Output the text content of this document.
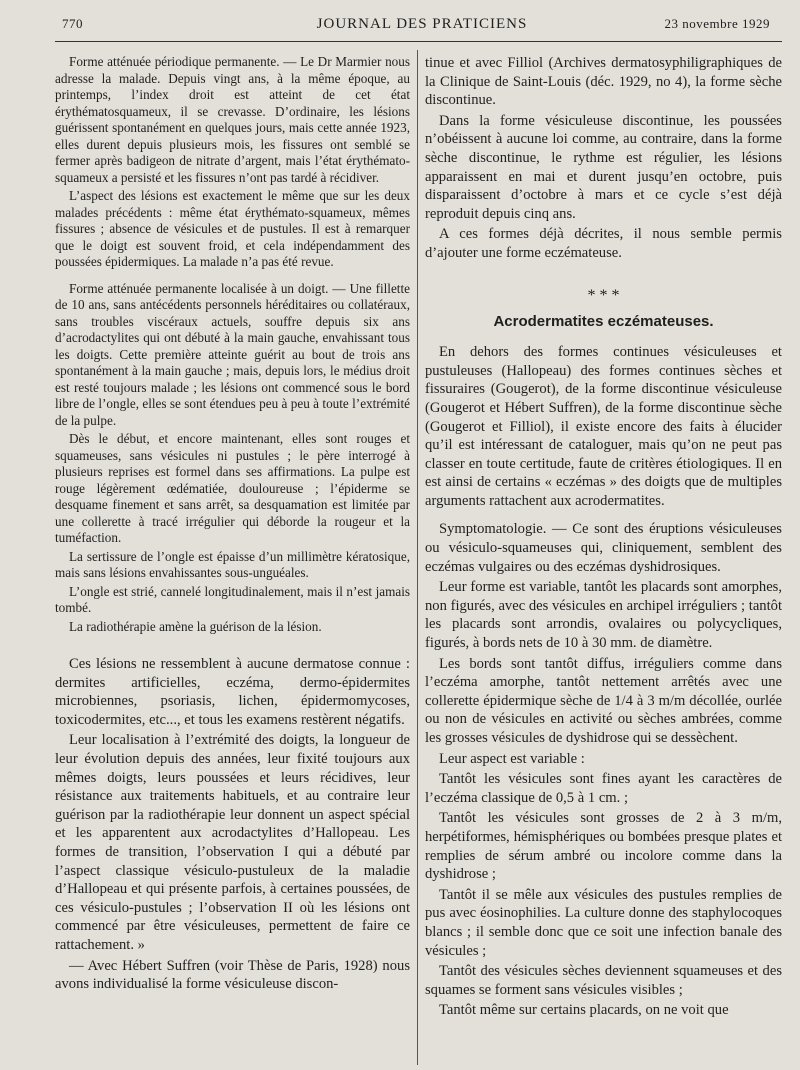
770	JOURNAL DES PRATICIENS	23 novembre 1929

Forme atténuée périodique permanente. — Le Dr Marmier nous adresse la malade. Depuis vingt ans, à la même époque, au printemps, l’index droit est atteint de cet état érythématosquameux, il se crevasse. D’ordinaire, les lésions guérissent spontanément en quelques jours, mais cette année 1923, elles durent depuis plusieurs mois, les fissures ont semblé se fermer après badigeon de nitrate d’argent, mais l’état érythémato-squameux a persisté et les fissures n’ont pas tardé à récidiver.

L’aspect des lésions est exactement le même que sur les deux malades précédents : même état érythémato-squameux, mêmes fissures ; absence de vésicules et de pustules. Il est à remarquer que le doigt est souvent froid, et cela indépendamment des poussées épidermiques. La malade n’a pas été revue.

Forme atténuée permanente localisée à un doigt. — Une fillette de 10 ans, sans antécédents personnels héréditaires ou collatéraux, sans troubles viscéraux actuels, souffre depuis six ans d’acrodactylites qui ont débuté à la main gauche, envahissant tous les doigts. Cette première atteinte guérit au bout de trois ans spontanément à la main gauche ; mais, depuis lors, le médius droit est resté toujours malade ; les lésions ont commencé sous le bord libre de l’ongle, elles se sont étendues peu à peu à toute l’extrémité de la pulpe.

Dès le début, et encore maintenant, elles sont rouges et squameuses, sans vésicules ni pustules ; le père interrogé à plusieurs reprises est formel dans ses affirmations. La pulpe est rouge légèrement œdématiée, douloureuse ; l’épiderme se desquame finement et sans arrêt, sa desquamation est limitée par une collerette à tracé irrégulier qui déborde la rougeur et la tuméfaction.

La sertissure de l’ongle est épaisse d’un millimètre kératosique, mais sans lésions envahissantes sous-unguéales.

L’ongle est strié, cannelé longitudinalement, mais il n’est jamais tombé.

La radiothérapie amène la guérison de la lésion.

Ces lésions ne ressemblent à aucune dermatose connue : dermites artificielles, eczéma, dermo-épidermites microbiennes, psoriasis, lichen, épidermomycoses, toxicodermites, etc..., et tous les examens restèrent négatifs.

Leur localisation à l’extrémité des doigts, la longueur de leur évolution depuis des années, leur fixité toujours aux mêmes doigts, leurs poussées et leurs récidives, leur résistance aux traitements habituels, et au contraire leur guérison par la radiothérapie leur donnent un aspect spécial et les apparentent aux acrodactylites d’Hallopeau. Les formes de transition, l’observation I qui a débuté par l’aspect classique vésiculo-pustuleux de la maladie d’Hallopeau et qui présente parfois, à certaines poussées, de ces vésiculo-pustules ; l’observation II où les lésions ont commencé par être vésiculeuses, permettent de faire ce rattachement. »

— Avec Hébert Suffren (voir Thèse de Paris, 1928) nous avons individualisé la forme vésiculeuse discon-

tinue et avec Filliol (Archives dermatosyphiligraphiques de la Clinique de Saint-Louis (déc. 1929, no 4), la forme sèche discontinue.

Dans la forme vésiculeuse discontinue, les poussées n’obéissent à aucune loi comme, au contraire, dans la forme sèche discontinue, le rythme est régulier, les lésions apparaissent en mai et durent jusqu’en octobre, puis disparaissent d’octobre à mars et ce cycle s’est déjà reproduit depuis cinq ans.

A ces formes déjà décrites, il nous semble permis d’ajouter une forme eczémateuse.

* * *
Acrodermatites eczémateuses.

En dehors des formes continues vésiculeuses et pustuleuses (Hallopeau) des formes continues sèches et fissuraires (Gougerot), de la forme discontinue vésiculeuse (Gougerot et Hébert Suffren), de la forme discontinue sèche (Gougerot et Filliol), il existe encore des faits à élucider qu’il est intéressant de cataloguer, mais qu’on ne peut pas classer en toute certitude, faute de critères étiologiques. Il en est ainsi de certains « eczémas » des doigts que de multiples arguments rattachent aux acrodermatites.

Symptomatologie. — Ce sont des éruptions vésiculeuses ou vésiculo-squameuses qui, cliniquement, semblent des eczémas vulgaires ou des eczémas dyshidrosiques.

Leur forme est variable, tantôt les placards sont amorphes, non figurés, avec des vésicules en archipel irréguliers ; tantôt les placards sont arrondis, ovalaires ou polycycliques, figurés, à bords nets de 10 à 30 mm. de diamètre.

Les bords sont tantôt diffus, irréguliers comme dans l’eczéma amorphe, tantôt nettement arrêtés avec une collerette épidermique sèche de 1/4 à 3 m/m décollée, ourlée ou non de vésicules en activité ou sèches ambrées, comme les grosses vésicules de dyshidrose qui se dessèchent.

Leur aspect est variable :

Tantôt les vésicules sont fines ayant les caractères de l’eczéma classique de 0,5 à 1 cm. ;

Tantôt les vésicules sont grosses de 2 à 3 m/m, herpétiformes, hémisphériques ou bombées presque plates et remplies de sérum ambré ou incolore comme dans la dyshidrose ;

Tantôt il se mêle aux vésicules des pustules remplies de pus avec éosinophilies. La culture donne des staphylocoques blancs ; il semble donc que ce soit une infection banale des vésicules ;

Tantôt des vésicules sèches deviennent squameuses et des squames se forment sans vésicules visibles ;

Tantôt même sur certains placards, on ne voit que
